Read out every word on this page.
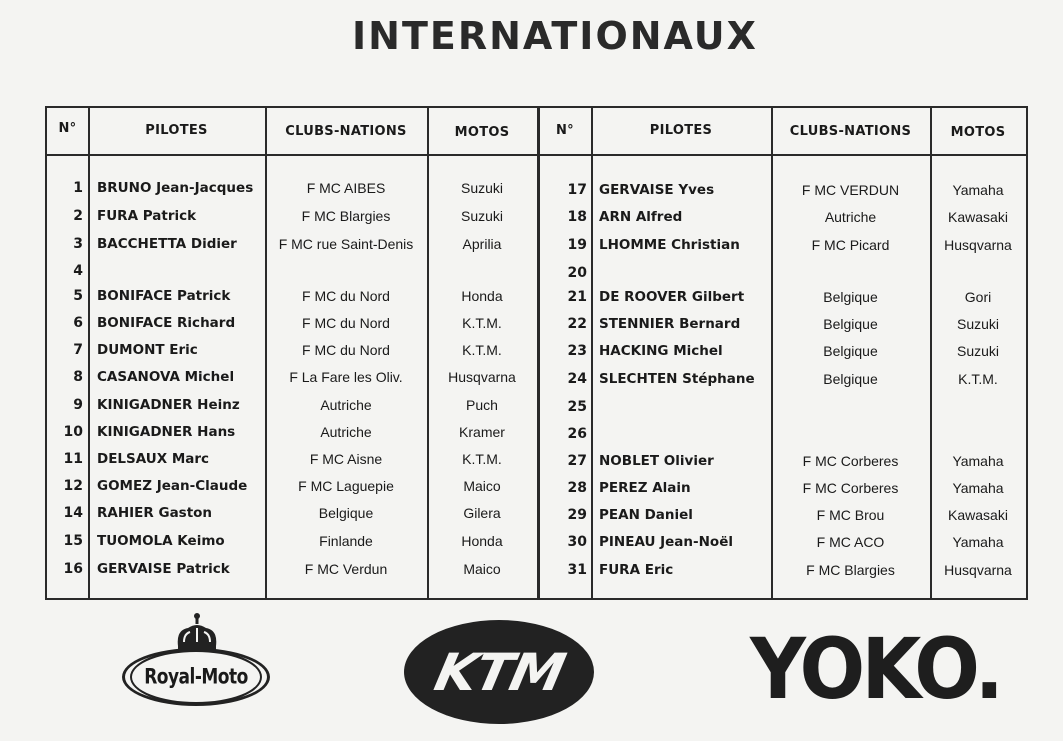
INTERNATIONAUX
N°	PILOTES	CLUBS-NATIONS	MOTOS	N°	PILOTES	CLUBS-NATIONS	MOTOS
1 BRUNO Jean-Jacques	F MC AIBES	Suzuki
2 FURA Patrick	F MC Blargies	Suzuki
3 BACCHETTA Didier	F MC rue Saint-Denis	Aprilia
4
5 BONIFACE Patrick	F MC du Nord	Honda
6 BONIFACE Richard	F MC du Nord	K.T.M.
7 DUMONT Eric	F MC du Nord	K.T.M.
8 CASANOVA Michel	F La Fare les Oliv.	Husqvarna
9 KINIGADNER Heinz	Autriche	Puch
10 KINIGADNER Hans	Autriche	Kramer
11 DELSAUX Marc	F MC Aisne	K.T.M.
12 GOMEZ Jean-Claude	F MC Laguepie	Maico
14 RAHIER Gaston	Belgique	Gilera
15 TUOMOLA Keimo	Finlande	Honda
16 GERVAISE Patrick	F MC Verdun	Maico
17 GERVAISE Yves	F MC VERDUN	Yamaha
18 ARN Alfred	Autriche	Kawasaki
19 LHOMME Christian	F MC Picard	Husqvarna
20
21 DE ROOVER Gilbert	Belgique	Gori
22 STENNIER Bernard	Belgique	Suzuki
23 HACKING Michel	Belgique	Suzuki
24 SLECHTEN Stéphane	Belgique	K.T.M.
25
26
27 NOBLET Olivier	F MC Corberes	Yamaha
28 PEREZ Alain	F MC Corberes	Yamaha
29 PEAN Daniel	F MC Brou	Kawasaki
30 PINEAU Jean-Noël	F MC ACO	Yamaha
31 FURA Eric	F MC Blargies	Husqvarna
Royal-Moto	KTM YOKO.
